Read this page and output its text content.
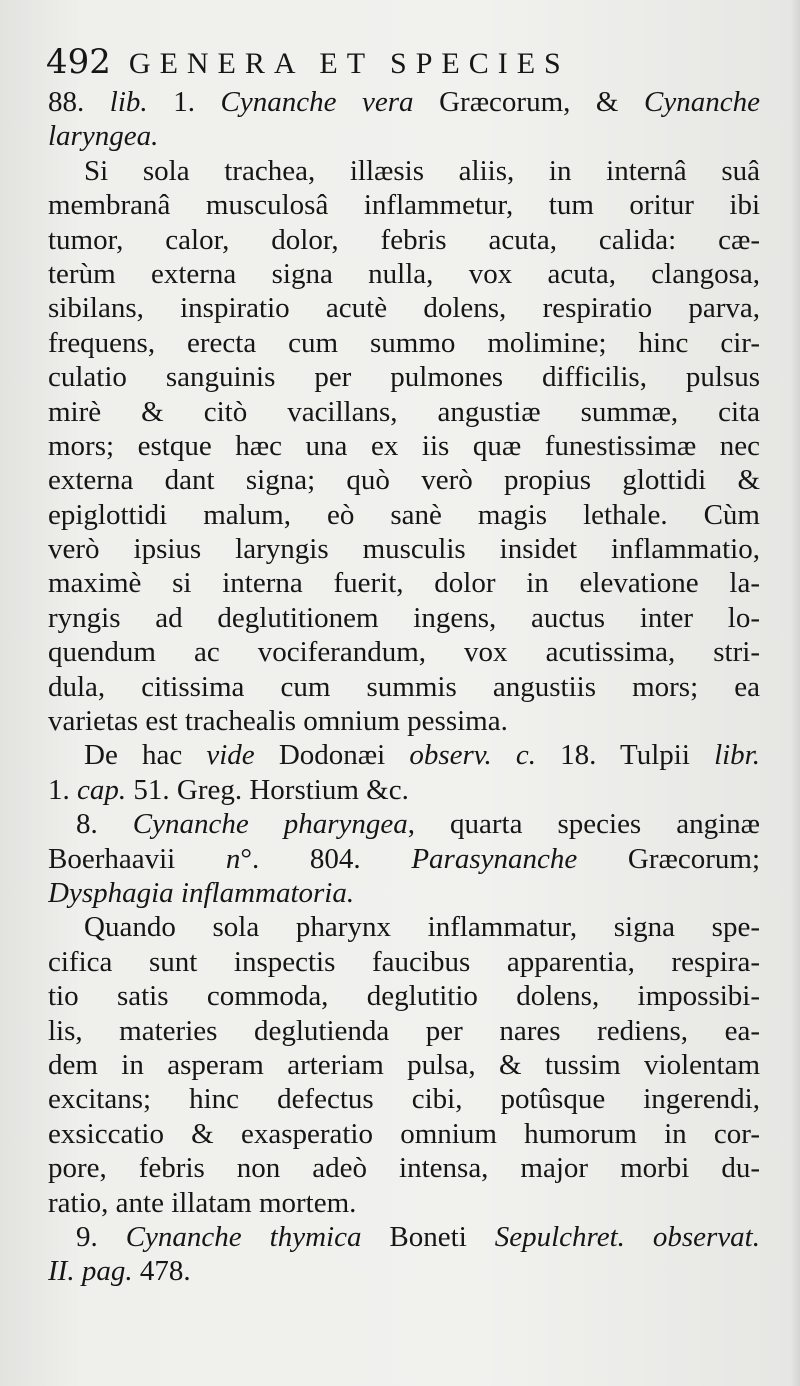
492 GENERA ET SPECIES
88. lib. 1. Cynanche vera Græcorum, & Cynanche
laryngea.
Si sola trachea, illæsis aliis, in internâ suâ
membranâ musculosâ inflammetur, tum oritur ibi
tumor, calor, dolor, febris acuta, calida: cæ-
terùm externa signa nulla, vox acuta, clangosa,
sibilans, inspiratio acutè dolens, respiratio parva,
frequens, erecta cum summo molimine; hinc cir-
culatio sanguinis per pulmones difficilis, pulsus
mirè & citò vacillans, angustiæ summæ, cita
mors; estque hæc una ex iis quæ funestissimæ nec
externa dant signa; quò verò propius glottidi &
epiglottidi malum, eò sanè magis lethale. Cùm
verò ipsius laryngis musculis insidet inflammatio,
maximè si interna fuerit, dolor in elevatione la-
ryngis ad deglutitionem ingens, auctus inter lo-
quendum ac vociferandum, vox acutissima, stri-
dula, citissima cum summis angustiis mors; ea
varietas est trachealis omnium pessima.
De hac vide Dodonæi observ. c. 18. Tulpii libr.
1. cap. 51. Greg. Horstium &c.
8. Cynanche pharyngea, quarta species anginæ
Boerhaavii n°. 804. Parasynanche Græcorum;
Dysphagia inflammatoria.
Quando sola pharynx inflammatur, signa spe-
cifica sunt inspectis faucibus apparentia, respira-
tio satis commoda, deglutitio dolens, impossibi-
lis, materies deglutienda per nares rediens, ea-
dem in asperam arteriam pulsa, & tussim violentam
excitans; hinc defectus cibi, potûsque ingerendi,
exsiccatio & exasperatio omnium humorum in cor-
pore, febris non adeò intensa, major morbi du-
ratio, ante illatam mortem.
9. Cynanche thymica Boneti Sepulchret. observat.
II. pag. 478.
